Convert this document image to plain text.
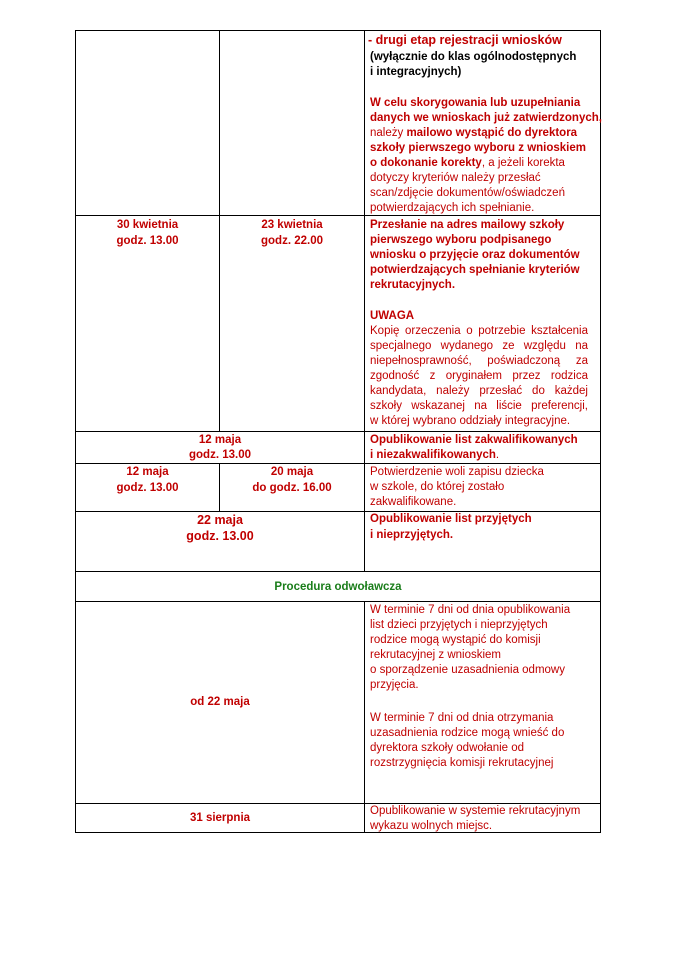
- drugi etap rejestracji wniosków
(wyłącznie do klas ogólnodostępnych
i integracyjnych)
W celu skorygowania lub uzupełniania
danych we wnioskach już zatwierdzonych,
należy mailowo wystąpić do dyrektora
szkoły pierwszego wyboru z wnioskiem
o dokonanie korekty, a jeżeli korekta
dotyczy kryteriów należy przesłać
scan/zdjęcie dokumentów/oświadczeń
potwierdzających ich spełnianie.
30 kwietnia
godz. 13.00
23 kwietnia
godz. 22.00
Przesłanie na adres mailowy szkoły
pierwszego wyboru podpisanego
wniosku o przyjęcie oraz dokumentów
potwierdzających spełnianie kryteriów
rekrutacyjnych.
UWAGA
Kopię orzeczenia o potrzebie kształcenia
specjalnego wydanego ze względu na
niepełnosprawność, poświadczoną za
zgodność z oryginałem przez rodzica
kandydata, należy przesłać do każdej
szkoły wskazanej na liście preferencji,
w której wybrano oddziały integracyjne.
12 maja
godz. 13.00
Opublikowanie list zakwalifikowanych
i niezakwalifikowanych.
12 maja
godz. 13.00
20 maja
do godz. 16.00
Potwierdzenie woli zapisu dziecka
w szkole, do której zostało
zakwalifikowane.
22 maja
godz. 13.00
Opublikowanie list przyjętych
i nieprzyjętych.
Procedura odwoławcza
od 22 maja
W terminie 7 dni od dnia opublikowania
list dzieci przyjętych i nieprzyjętych
rodzice mogą wystąpić do komisji
rekrutacyjnej z wnioskiem
o sporządzenie uzasadnienia odmowy
przyjęcia.
W terminie 7 dni od dnia otrzymania
uzasadnienia rodzice mogą wnieść do
dyrektora szkoły odwołanie od
rozstrzygnięcia komisji rekrutacyjnej
31 sierpnia
Opublikowanie w systemie rekrutacyjnym
wykazu wolnych miejsc.
